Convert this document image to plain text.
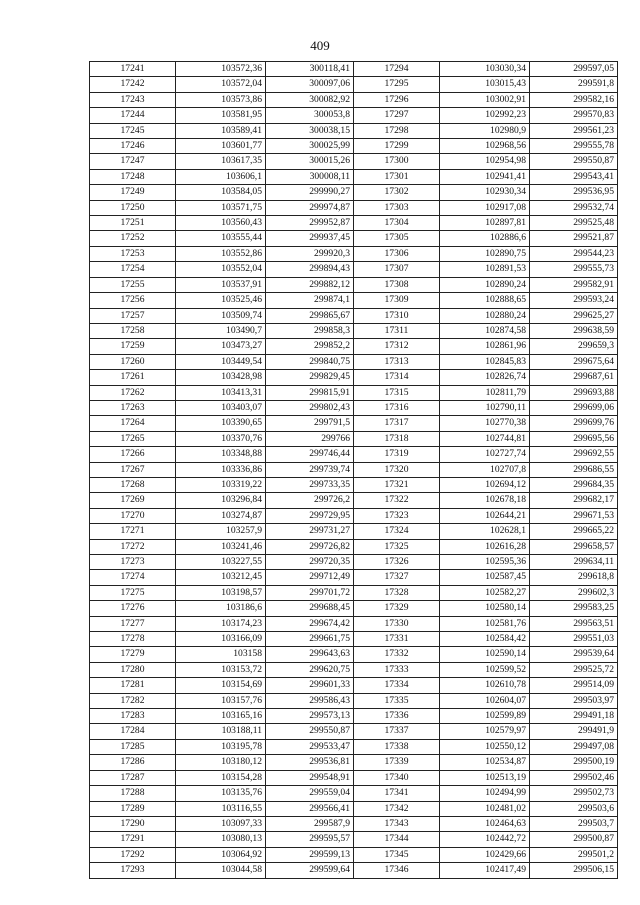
409
17241	103572,36	300118,41	17294	103030,34	299597,05
17242	103572,04	300097,06	17295	103015,43	299591,8
17243	103573,86	300082,92	17296	103002,91	299582,16
17244	103581,95	300053,8	17297	102992,23	299570,83
17245	103589,41	300038,15	17298	102980,9	299561,23
17246	103601,77	300025,99	17299	102968,56	299555,78
17247	103617,35	300015,26	17300	102954,98	299550,87
17248	103606,1	300008,11	17301	102941,41	299543,41
17249	103584,05	299990,27	17302	102930,34	299536,95
17250	103571,75	299974,87	17303	102917,08	299532,74
17251	103560,43	299952,87	17304	102897,81	299525,48
17252	103555,44	299937,45	17305	102886,6	299521,87
17253	103552,86	299920,3	17306	102890,75	299544,23
17254	103552,04	299894,43	17307	102891,53	299555,73
17255	103537,91	299882,12	17308	102890,24	299582,91
17256	103525,46	299874,1	17309	102888,65	299593,24
17257	103509,74	299865,67	17310	102880,24	299625,27
17258	103490,7	299858,3	17311	102874,58	299638,59
17259	103473,27	299852,2	17312	102861,96	299659,3
17260	103449,54	299840,75	17313	102845,83	299675,64
17261	103428,98	299829,45	17314	102826,74	299687,61
17262	103413,31	299815,91	17315	102811,79	299693,88
17263	103403,07	299802,43	17316	102790,11	299699,06
17264	103390,65	299791,5	17317	102770,38	299699,76
17265	103370,76	299766	17318	102744,81	299695,56
17266	103348,88	299746,44	17319	102727,74	299692,55
17267	103336,86	299739,74	17320	102707,8	299686,55
17268	103319,22	299733,35	17321	102694,12	299684,35
17269	103296,84	299726,2	17322	102678,18	299682,17
17270	103274,87	299729,95	17323	102644,21	299671,53
17271	103257,9	299731,27	17324	102628,1	299665,22
17272	103241,46	299726,82	17325	102616,28	299658,57
17273	103227,55	299720,35	17326	102595,36	299634,11
17274	103212,45	299712,49	17327	102587,45	299618,8
17275	103198,57	299701,72	17328	102582,27	299602,3
17276	103186,6	299688,45	17329	102580,14	299583,25
17277	103174,23	299674,42	17330	102581,76	299563,51
17278	103166,09	299661,75	17331	102584,42	299551,03
17279	103158	299643,63	17332	102590,14	299539,64
17280	103153,72	299620,75	17333	102599,52	299525,72
17281	103154,69	299601,33	17334	102610,78	299514,09
17282	103157,76	299586,43	17335	102604,07	299503,97
17283	103165,16	299573,13	17336	102599,89	299491,18
17284	103188,11	299550,87	17337	102579,97	299491,9
17285	103195,78	299533,47	17338	102550,12	299497,08
17286	103180,12	299536,81	17339	102534,87	299500,19
17287	103154,28	299548,91	17340	102513,19	299502,46
17288	103135,76	299559,04	17341	102494,99	299502,73
17289	103116,55	299566,41	17342	102481,02	299503,6
17290	103097,33	299587,9	17343	102464,63	299503,7
17291	103080,13	299595,57	17344	102442,72	299500,87
17292	103064,92	299599,13	17345	102429,66	299501,2
17293	103044,58	299599,64	17346	102417,49	299506,15
